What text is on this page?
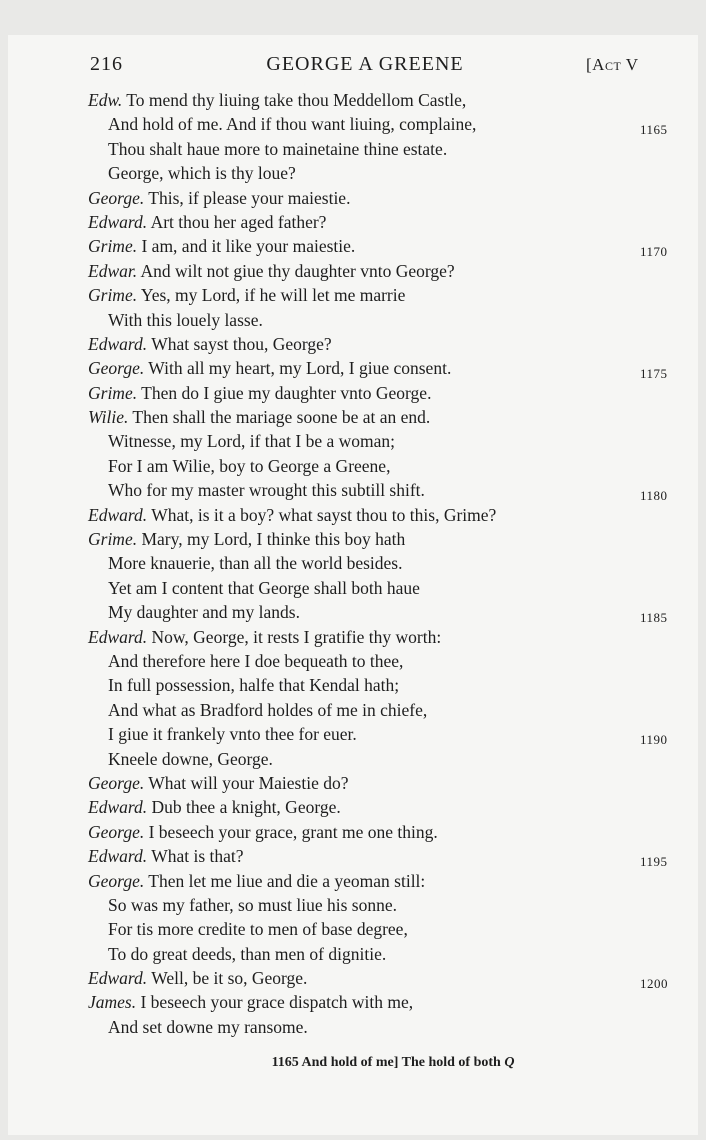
216	GEORGE A GREENE	[Act V
Edw. To mend thy liuing take thou Meddellom Castle,
And hold of me. And if thou want liuing, complaine,	1165
Thou shalt haue more to mainetaine thine estate.
George, which is thy loue?
George. This, if please your maiestie.
Edward. Art thou her aged father?
Grime. I am, and it like your maiestie.	1170
Edwar. And wilt not giue thy daughter vnto George?
Grime. Yes, my Lord, if he will let me marrie
With this louely lasse.
Edward. What sayst thou, George?
George. With all my heart, my Lord, I giue consent.	1175
Grime. Then do I giue my daughter vnto George.
Wilie. Then shall the mariage soone be at an end.
Witnesse, my Lord, if that I be a woman;
For I am Wilie, boy to George a Greene,
Who for my master wrought this subtill shift.	1180
Edward. What, is it a boy? what sayst thou to this, Grime?
Grime. Mary, my Lord, I thinke this boy hath
More knauerie, than all the world besides.
Yet am I content that George shall both haue
My daughter and my lands.	1185
Edward. Now, George, it rests I gratifie thy worth:
And therefore here I doe bequeath to thee,
In full possession, halfe that Kendal hath;
And what as Bradford holdes of me in chiefe,
I giue it frankely vnto thee for euer.	1190
Kneele downe, George.
George. What will your Maiestie do?
Edward. Dub thee a knight, George.
George. I beseech your grace, grant me one thing.
Edward. What is that?	1195
George. Then let me liue and die a yeoman still:
So was my father, so must liue his sonne.
For tis more credite to men of base degree,
To do great deeds, than men of dignitie.
Edward. Well, be it so, George.	1200
James. I beseech your grace dispatch with me,
And set downe my ransome.
1165 And hold of me] The hold of both Q
